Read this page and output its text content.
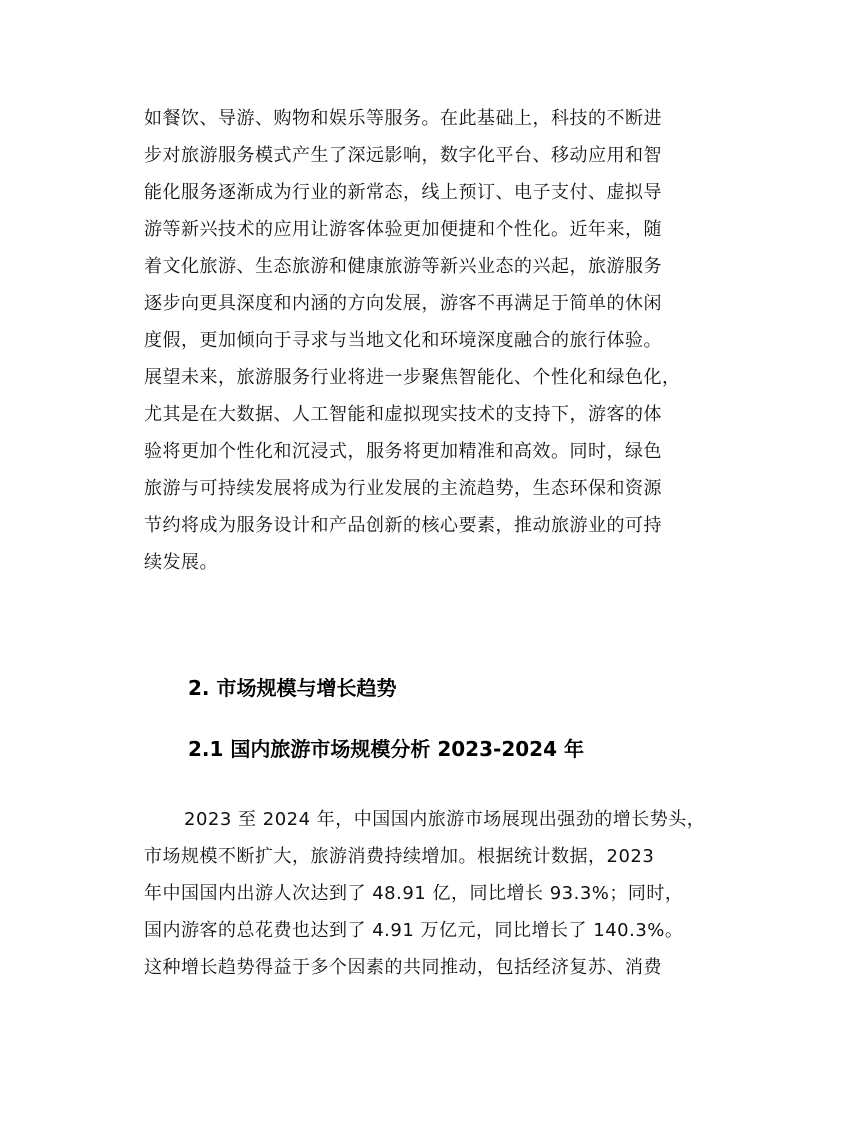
如餐饮、导游、购物和娱乐等服务。在此基础上，科技的不断进
步对旅游服务模式产生了深远影响，数字化平台、移动应用和智
能化服务逐渐成为行业的新常态，线上预订、电子支付、虚拟导
游等新兴技术的应用让游客体验更加便捷和个性化。近年来，随
着文化旅游、生态旅游和健康旅游等新兴业态的兴起，旅游服务
逐步向更具深度和内涵的方向发展，游客不再满足于简单的休闲
度假，更加倾向于寻求与当地文化和环境深度融合的旅行体验。
展望未来，旅游服务行业将进一步聚焦智能化、个性化和绿色化，
尤其是在大数据、人工智能和虚拟现实技术的支持下，游客的体
验将更加个性化和沉浸式，服务将更加精准和高效。同时，绿色
旅游与可持续发展将成为行业发展的主流趋势，生态环保和资源
节约将成为服务设计和产品创新的核心要素，推动旅游业的可持
续发展。
2. 市场规模与增长趋势
2.1 国内旅游市场规模分析 2023-2024 年
2023 至 2024 年，中国国内旅游市场展现出强劲的增长势头，
市场规模不断扩大，旅游消费持续增加。根据统计数据，2023
年中国国内出游人次达到了 48.91 亿，同比增长 93.3%；同时，
国内游客的总花费也达到了 4.91 万亿元，同比增长了 140.3%。
这种增长趋势得益于多个因素的共同推动，包括经济复苏、消费
